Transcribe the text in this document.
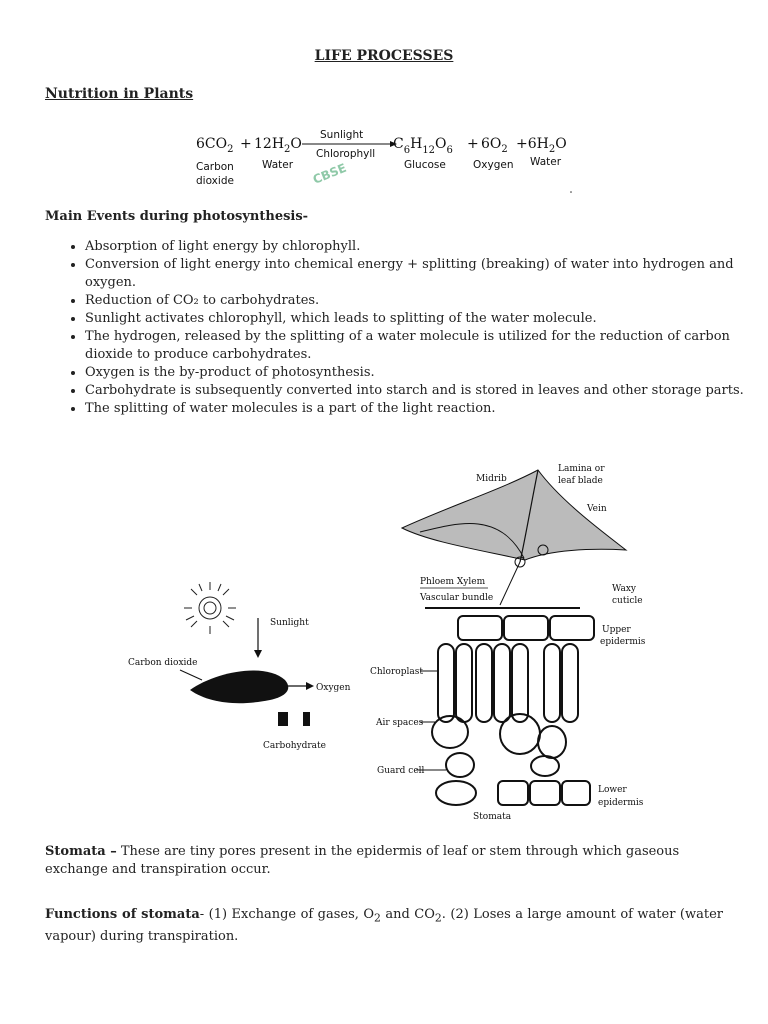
LIFE PROCESSES
Nutrition in Plants
$6CO_2 + 12H_2O$
Sunlight
Chlorophyll
CBSE
$C_6H_{12}O_6 + 6O_2 +6H_2O$
Carbon
dioxide
Water	Glucose	Oxygen Water
Main Events during photosynthesis-
• Absorption of light energy by chlorophyll.
• Conversion of light energy into chemical energy + splitting (breaking) of water into hydrogen and oxygen.
• Reduction of CO₂ to carbohydrates.
• Sunlight activates chlorophyll, which leads to splitting of the water molecule.
• The hydrogen, released by the splitting of a water molecule is utilized for the reduction of carbon dioxide to produce carbohydrates.
• Oxygen is the by-product of photosynthesis.
• Carbohydrate is subsequently converted into starch and is stored in leaves and other storage parts.
• The splitting of water molecules is a part of the light reaction.
Sunlight
Carbon dioxide
Oxygen
Carbohydrate
Midrib
Lamina or
leaf blade
Vein
Phloem Xylem
Vascular bundle
Waxy
cuticle
Upper
epidermis
Chloroplast
Air spaces
Guard cell
Lower
epidermis
Stomata

Stomata – These are tiny pores present in the epidermis of leaf or stem through which gaseous exchange and transpiration occur.

Functions of stomata- (1) Exchange of gases, $O_2$ and $CO_2$. (2) Loses a large amount of water (water vapour) during transpiration.
